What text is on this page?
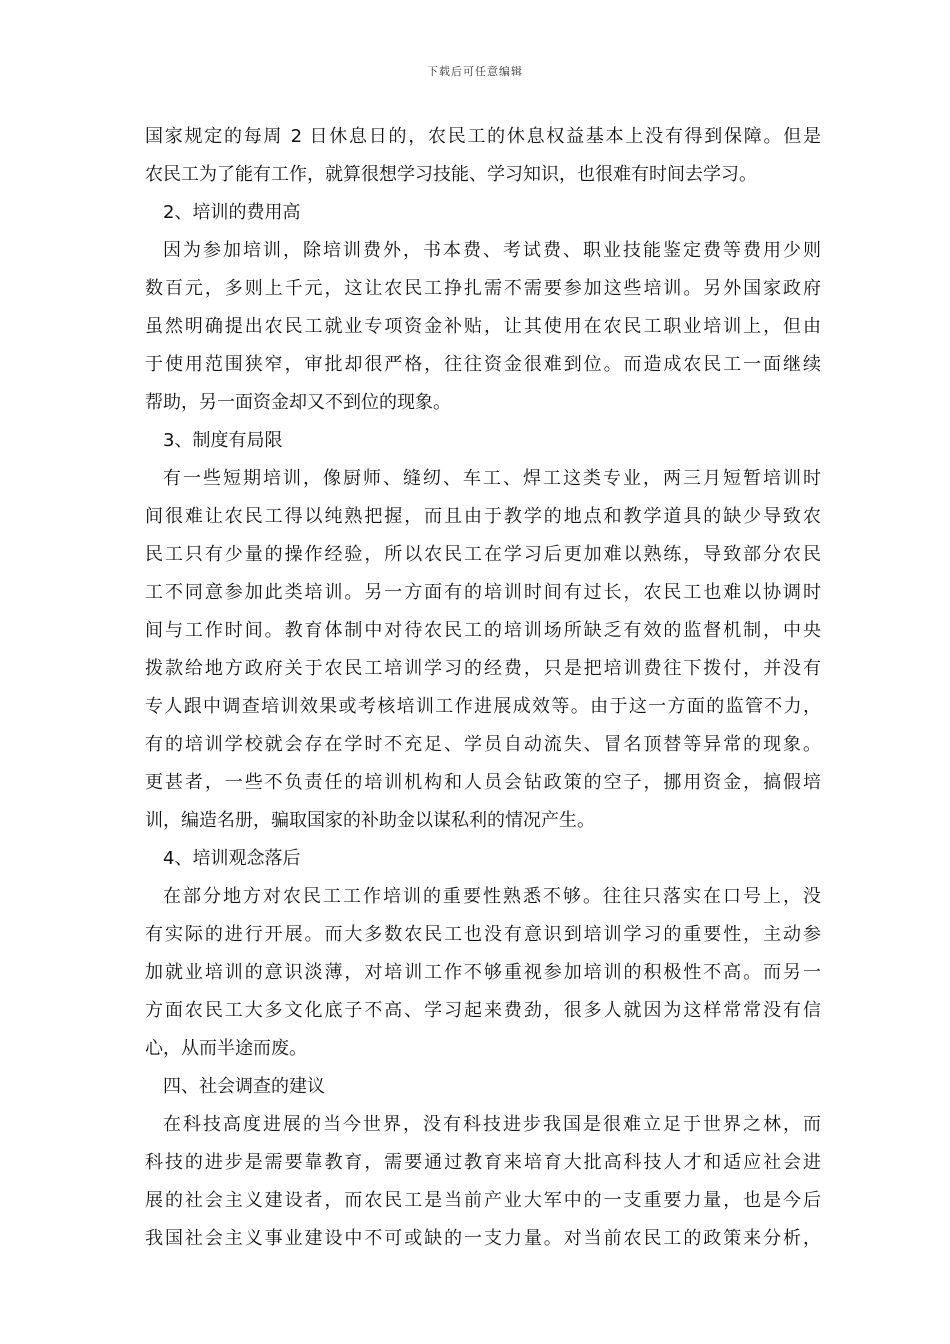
下载后可任意编辑
国家规定的每周 2 日休息日的，农民工的休息权益基本上没有得到保障。但是
农民工为了能有工作，就算很想学习技能、学习知识，也很难有时间去学习。
2、培训的费用高
因为参加培训，除培训费外，书本费、考试费、职业技能鉴定费等费用少则
数百元，多则上千元，这让农民工挣扎需不需要参加这些培训。另外国家政府
虽然明确提出农民工就业专项资金补贴，让其使用在农民工职业培训上，但由
于使用范围狭窄，审批却很严格，往往资金很难到位。而造成农民工一面继续
帮助，另一面资金却又不到位的现象。
3、制度有局限
有一些短期培训，像厨师、缝纫、车工、焊工这类专业，两三月短暂培训时
间很难让农民工得以纯熟把握，而且由于教学的地点和教学道具的缺少导致农
民工只有少量的操作经验，所以农民工在学习后更加难以熟练，导致部分农民
工不同意参加此类培训。另一方面有的培训时间有过长，农民工也难以协调时
间与工作时间。教育体制中对待农民工的培训场所缺乏有效的监督机制，中央
拨款给地方政府关于农民工培训学习的经费，只是把培训费往下拨付，并没有
专人跟中调查培训效果或考核培训工作进展成效等。由于这一方面的监管不力，
有的培训学校就会存在学时不充足、学员自动流失、冒名顶替等异常的现象。
更甚者，一些不负责任的培训机构和人员会钻政策的空子，挪用资金，搞假培
训，编造名册，骗取国家的补助金以谋私利的情况产生。
4、培训观念落后
在部分地方对农民工工作培训的重要性熟悉不够。往往只落实在口号上，没
有实际的进行开展。而大多数农民工也没有意识到培训学习的重要性，主动参
加就业培训的意识淡薄，对培训工作不够重视参加培训的积极性不高。而另一
方面农民工大多文化底子不高、学习起来费劲，很多人就因为这样常常没有信
心，从而半途而废。
四、社会调查的建议
在科技高度进展的当今世界，没有科技进步我国是很难立足于世界之林，而
科技的进步是需要靠教育，需要通过教育来培育大批高科技人才和适应社会进
展的社会主义建设者，而农民工是当前产业大军中的一支重要力量，也是今后
我国社会主义事业建设中不可或缺的一支力量。对当前农民工的政策来分析，
